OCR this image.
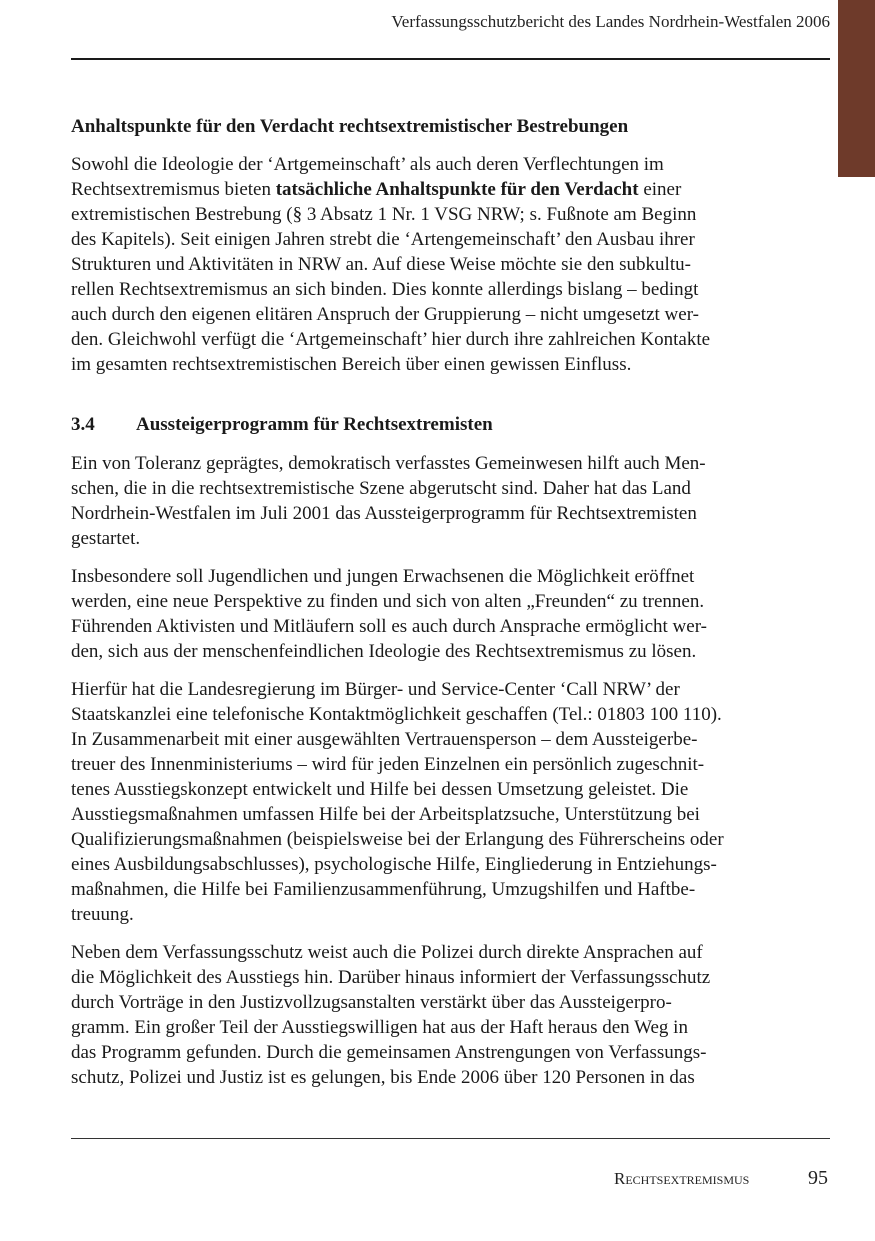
Verfassungsschutzbericht des Landes Nordrhein-Westfalen 2006
Anhaltspunkte für den Verdacht rechtsextremistischer Bestrebungen

Sowohl die Ideologie der ‘Artgemeinschaft’ als auch deren Verflechtungen im
Rechtsextremismus bieten tatsächliche Anhaltspunkte für den Verdacht einer
extremistischen Bestrebung (§ 3 Absatz 1 Nr. 1 VSG NRW; s. Fußnote am Beginn
des Kapitels). Seit einigen Jahren strebt die ‘Artengemeinschaft’ den Ausbau ihrer
Strukturen und Aktivitäten in NRW an. Auf diese Weise möchte sie den subkultu-
rellen Rechtsextremismus an sich binden. Dies konnte allerdings bislang – bedingt
auch durch den eigenen elitären Anspruch der Gruppierung – nicht umgesetzt wer-
den. Gleichwohl verfügt die ‘Artgemeinschaft’ hier durch ihre zahlreichen Kontakte
im gesamten rechtsextremistischen Bereich über einen gewissen Einfluss.

3.4 Aussteigerprogramm für Rechtsextremisten

Ein von Toleranz geprägtes, demokratisch verfasstes Gemeinwesen hilft auch Men-
schen, die in die rechtsextremistische Szene abgerutscht sind. Daher hat das Land
Nordrhein-Westfalen im Juli 2001 das Aussteigerprogramm für Rechtsextremisten
gestartet.

Insbesondere soll Jugendlichen und jungen Erwachsenen die Möglichkeit eröffnet
werden, eine neue Perspektive zu finden und sich von alten „Freunden“ zu trennen.
Führenden Aktivisten und Mitläufern soll es auch durch Ansprache ermöglicht wer-
den, sich aus der menschenfeindlichen Ideologie des Rechtsextremismus zu lösen.

Hierfür hat die Landesregierung im Bürger- und Service-Center ‘Call NRW’ der
Staatskanzlei eine telefonische Kontaktmöglichkeit geschaffen (Tel.: 01803 100 110).
In Zusammenarbeit mit einer ausgewählten Vertrauensperson – dem Aussteigerbe-
treuer des Innenministeriums – wird für jeden Einzelnen ein persönlich zugeschnit-
tenes Ausstiegskonzept entwickelt und Hilfe bei dessen Umsetzung geleistet. Die
Ausstiegsmaßnahmen umfassen Hilfe bei der Arbeitsplatzsuche, Unterstützung bei
Qualifizierungsmaßnahmen (beispielsweise bei der Erlangung des Führerscheins oder
eines Ausbildungsabschlusses), psychologische Hilfe, Eingliederung in Entziehungs-
maßnahmen, die Hilfe bei Familienzusammenführung, Umzugshilfen und Haftbe-
treuung.

Neben dem Verfassungsschutz weist auch die Polizei durch direkte Ansprachen auf
die Möglichkeit des Ausstiegs hin. Darüber hinaus informiert der Verfassungsschutz
durch Vorträge in den Justizvollzugsanstalten verstärkt über das Aussteigerpro-
gramm. Ein großer Teil der Ausstiegswilligen hat aus der Haft heraus den Weg in
das Programm gefunden. Durch die gemeinsamen Anstrengungen von Verfassungs-
schutz, Polizei und Justiz ist es gelungen, bis Ende 2006 über 120 Personen in das

Rechtsextremismus	95
